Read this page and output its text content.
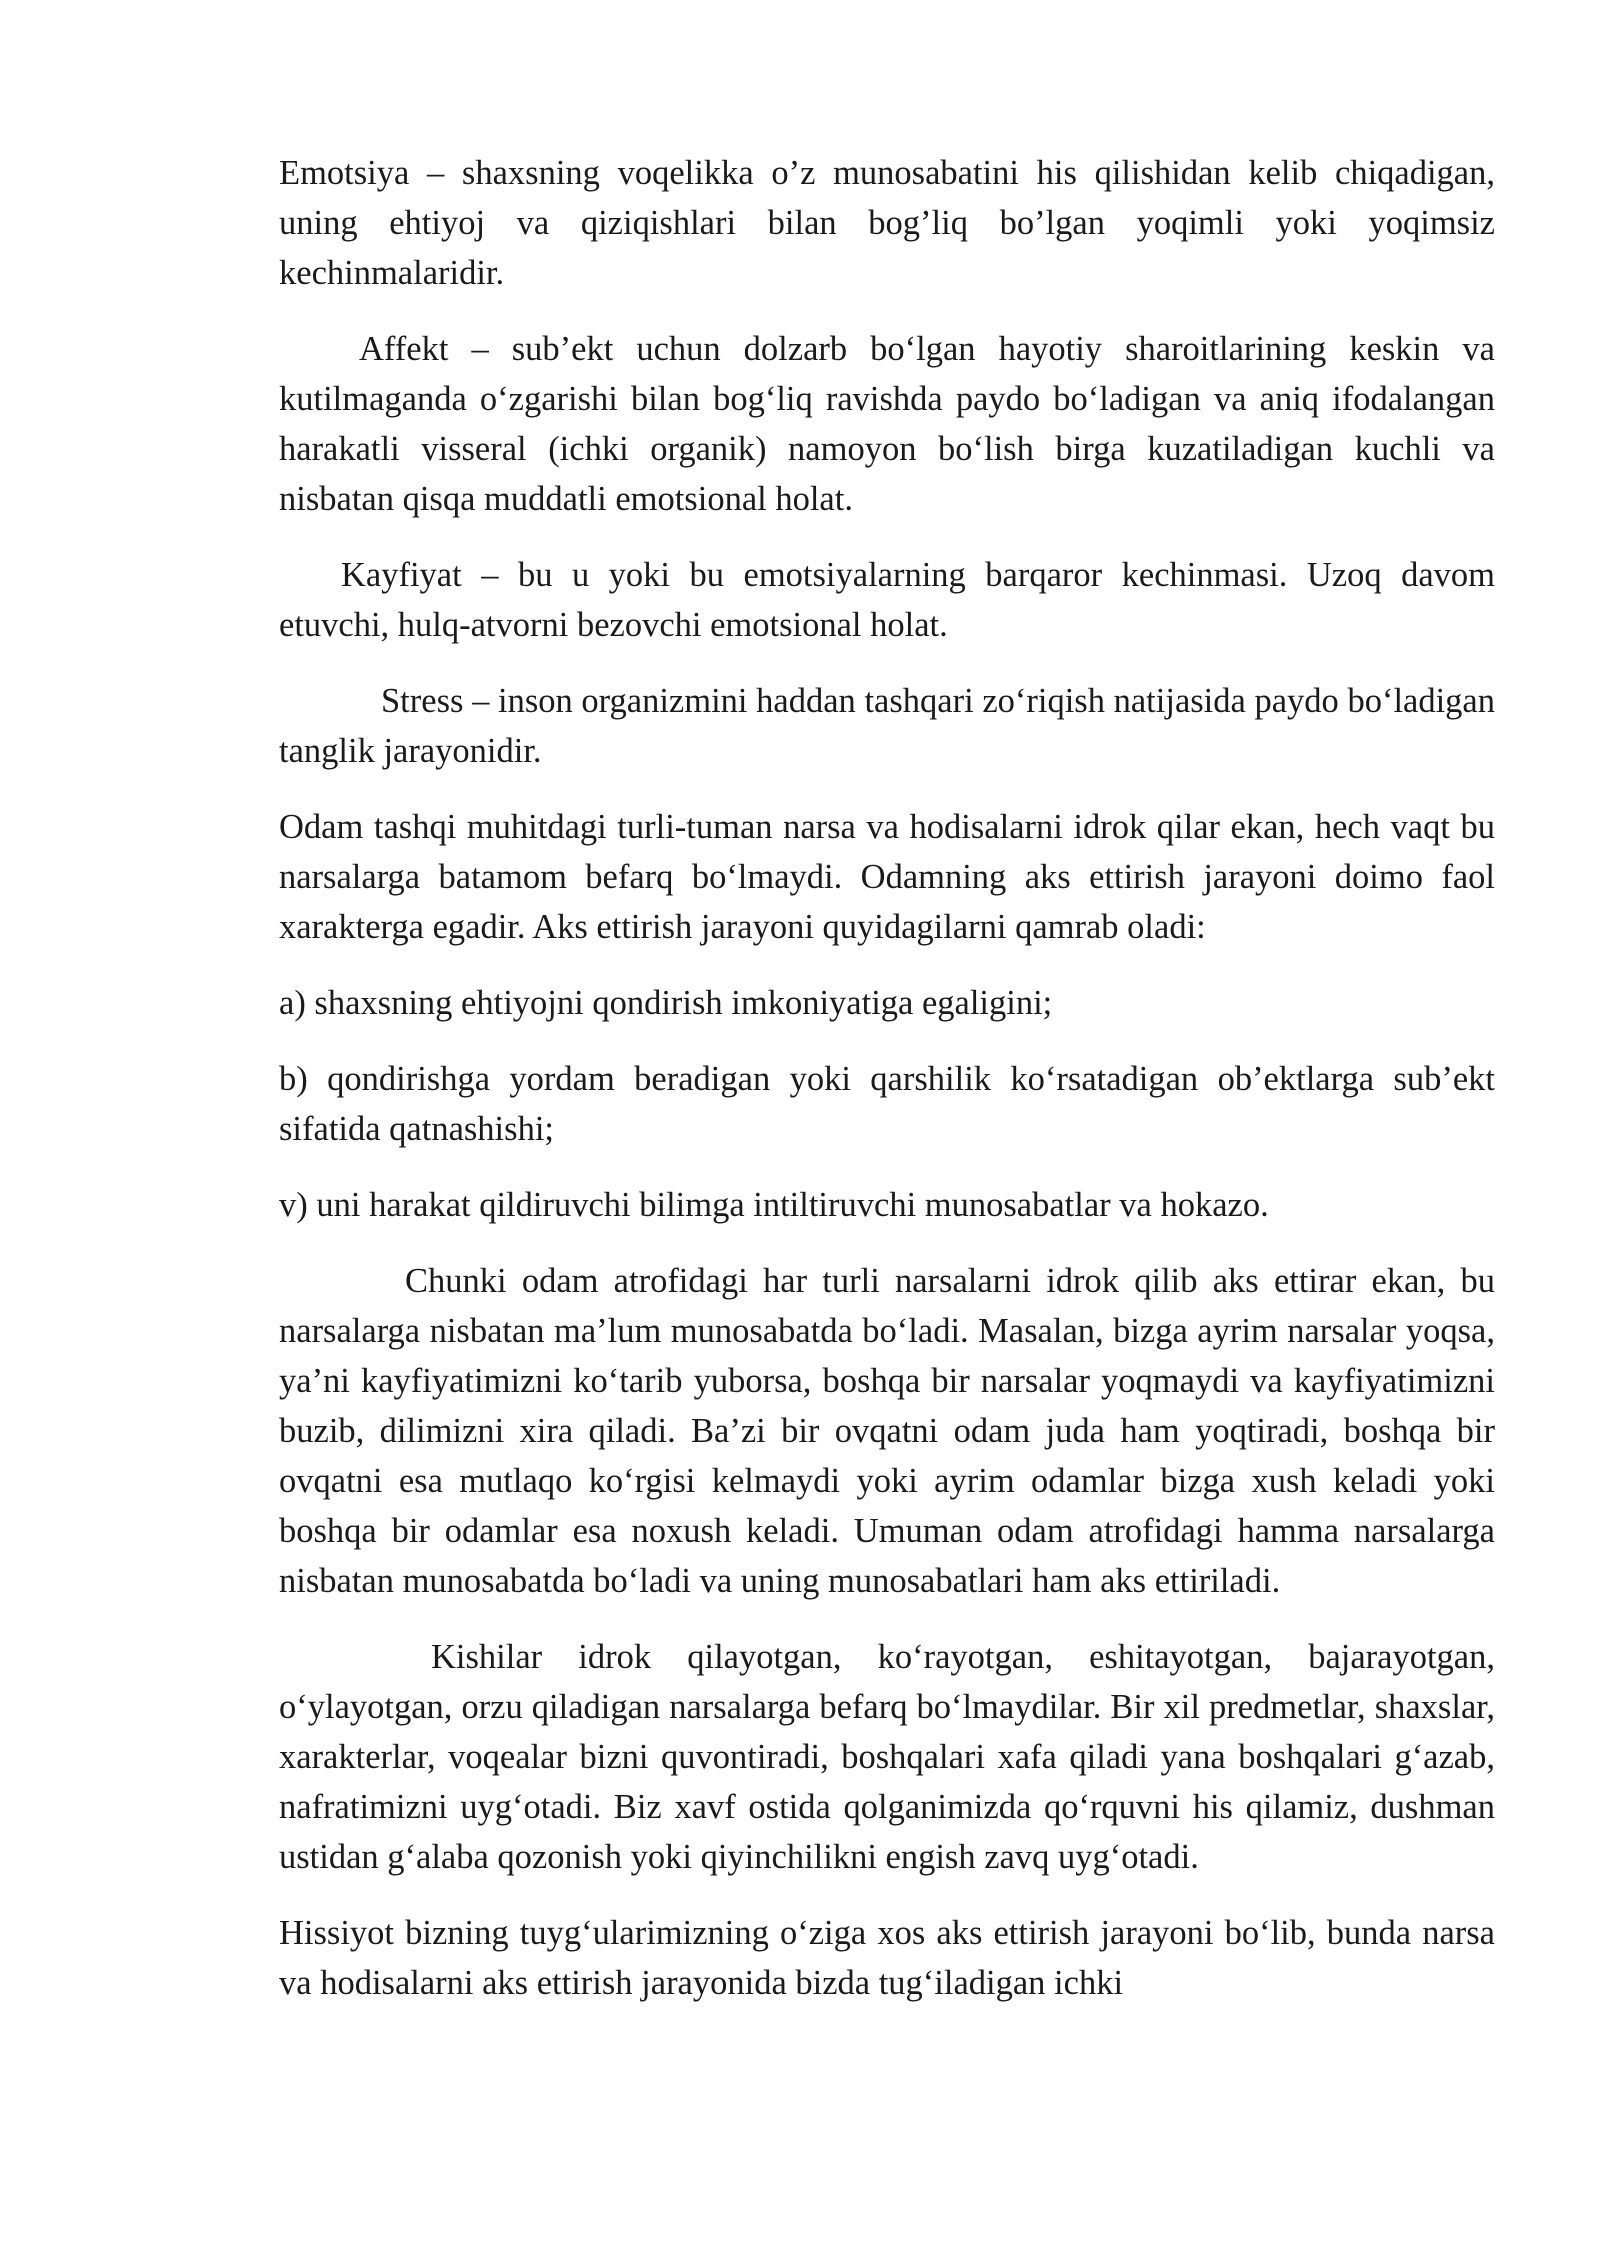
Emotsiya – shaxsning voqelikka o’z munosabatini his qilishidan kelib chiqadigan, uning ehtiyoj va qiziqishlari bilan bog’liq bo’lgan yoqimli yoki yoqimsiz kechinmalaridir.

Affekt – sub’ekt uchun dolzarb bo‘lgan hayotiy sharoitlarining keskin va kutilmaganda o‘zgarishi bilan bog‘liq ravishda paydo bo‘ladigan va aniq ifodalangan harakatli visseral (ichki organik) namoyon bo‘lish birga kuzatiladigan kuchli va nisbatan qisqa muddatli emotsional holat.

Kayfiyat – bu u yoki bu emotsiyalarning barqaror kechinmasi. Uzoq davom etuvchi, hulq-atvorni bezovchi emotsional holat.

Stress – inson organizmini haddan tashqari zo‘riqish natijasida paydo bo‘ladigan tanglik jarayonidir.

Odam tashqi muhitdagi turli-tuman narsa va hodisalarni idrok qilar ekan, hech vaqt bu narsalarga batamom befarq bo‘lmaydi. Odamning aks ettirish jarayoni doimo faol xarakterga egadir. Aks ettirish jarayoni quyidagilarni qamrab oladi:

a) shaxsning ehtiyojni qondirish imkoniyatiga egaligini;

b) qondirishga yordam beradigan yoki qarshilik ko‘rsatadigan ob’ektlarga sub’ekt sifatida qatnashishi;

v) uni harakat qildiruvchi bilimga intiltiruvchi munosabatlar va hokazo.

Chunki odam atrofidagi har turli narsalarni idrok qilib aks ettirar ekan, bu narsalarga nisbatan ma’lum munosabatda bo‘ladi. Masalan, bizga ayrim narsalar yoqsa, ya’ni kayfiyatimizni ko‘tarib yuborsa, boshqa bir narsalar yoqmaydi va kayfiyatimizni buzib, dilimizni xira qiladi. Ba’zi bir ovqatni odam juda ham yoqtiradi, boshqa bir ovqatni esa mutlaqo ko‘rgisi kelmaydi yoki ayrim odamlar bizga xush keladi yoki boshqa bir odamlar esa noxush keladi. Umuman odam atrofidagi hamma narsalarga nisbatan munosabatda bo‘ladi va uning munosabatlari ham aks ettiriladi.

Kishilar idrok qilayotgan, ko‘rayotgan, eshitayotgan, bajarayotgan, o‘ylayotgan, orzu qiladigan narsalarga befarq bo‘lmaydilar. Bir xil predmetlar, shaxslar, xarakterlar, voqealar bizni quvontiradi, boshqalari xafa qiladi yana boshqalari g‘azab, nafratimizni uyg‘otadi. Biz xavf ostida qolganimizda qo‘rquvni his qilamiz, dushman ustidan g‘alaba qozonish yoki qiyinchilikni engish zavq uyg‘otadi.

Hissiyot bizning tuyg‘ularimizning o‘ziga xos aks ettirish jarayoni bo‘lib, bunda narsa va hodisalarni aks ettirish jarayonida bizda tug‘iladigan ichki
